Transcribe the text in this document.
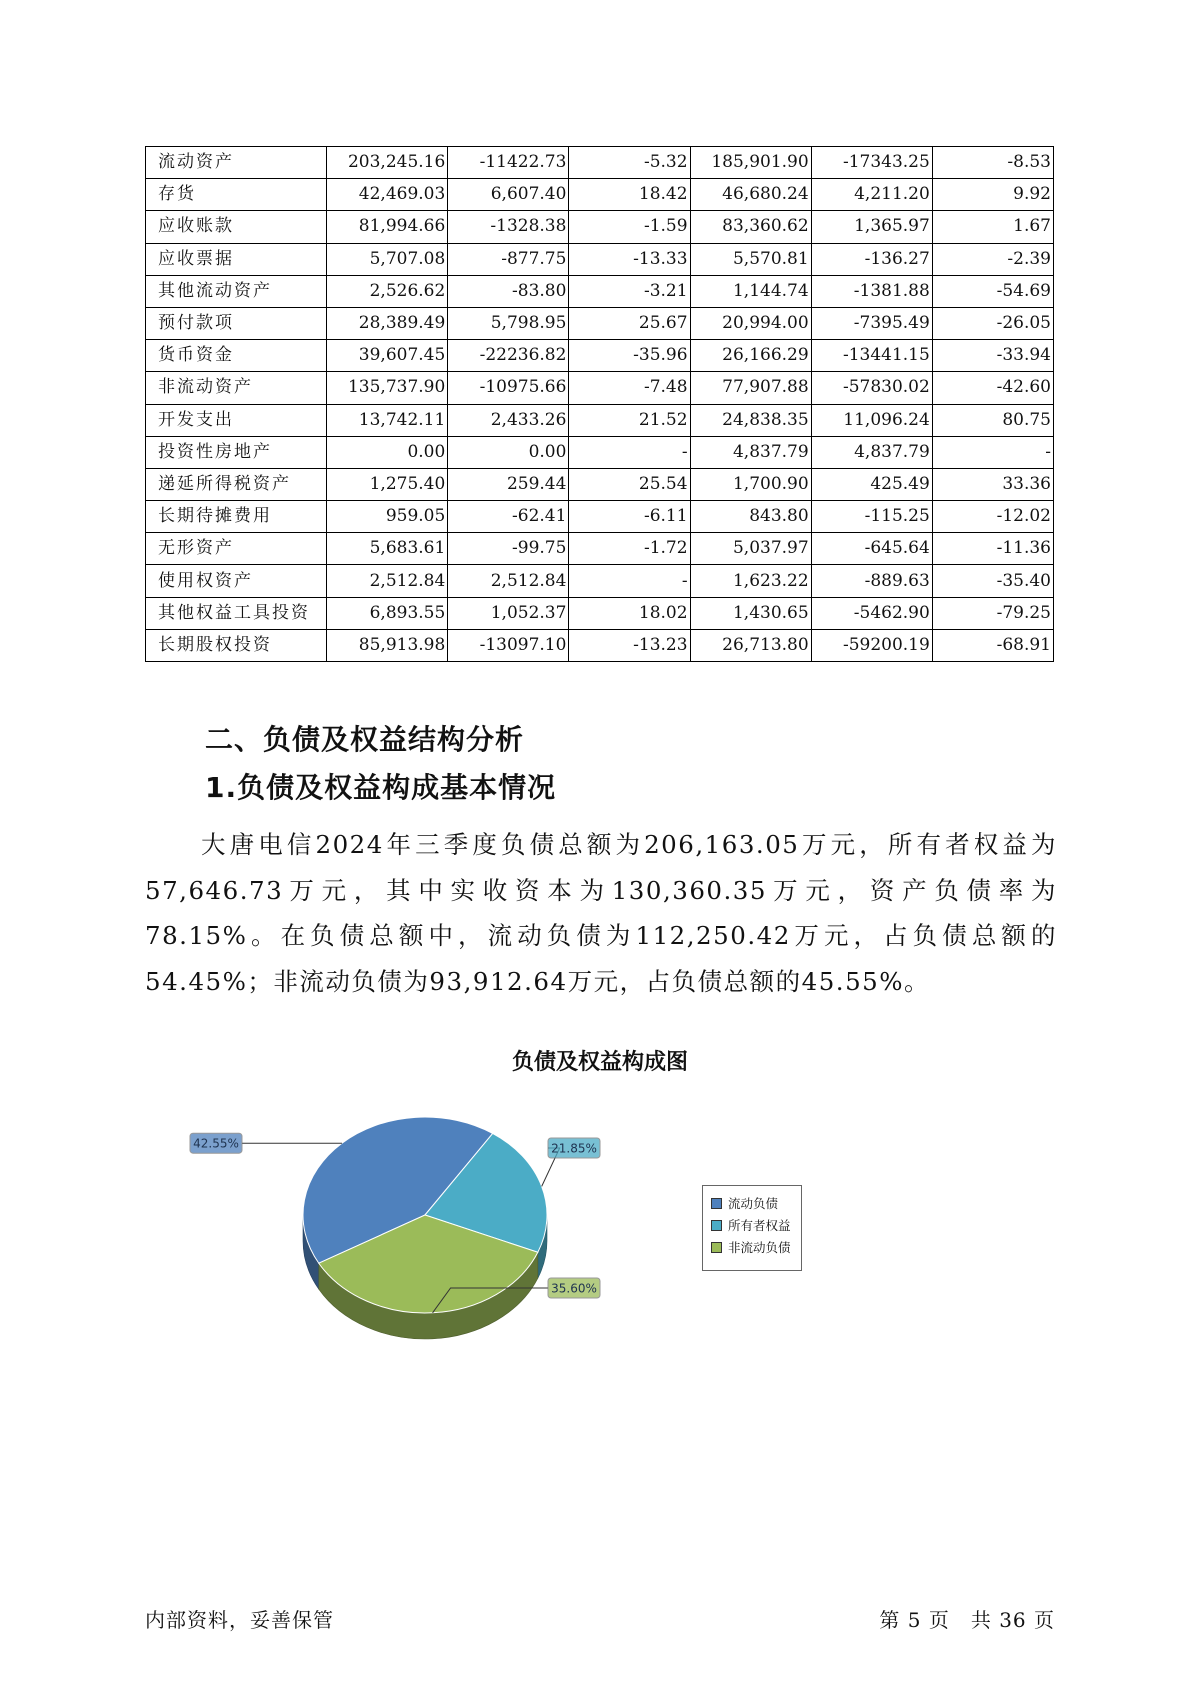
流动资产	203,245.16	-11422.73	-5.32	185,901.90	-17343.25	-8.53
存货	42,469.03	6,607.40	18.42	46,680.24	4,211.20	9.92
应收账款	81,994.66	-1328.38	-1.59	83,360.62	1,365.97	1.67
应收票据	5,707.08	-877.75	-13.33	5,570.81	-136.27	-2.39
其他流动资产	2,526.62	-83.80	-3.21	1,144.74	-1381.88	-54.69
预付款项	28,389.49	5,798.95	25.67	20,994.00	-7395.49	-26.05
货币资金	39,607.45	-22236.82	-35.96	26,166.29	-13441.15	-33.94
非流动资产	135,737.90	-10975.66	-7.48	77,907.88	-57830.02	-42.60
开发支出	13,742.11	2,433.26	21.52	24,838.35	11,096.24	80.75
投资性房地产	0.00	0.00	-	4,837.79	4,837.79	-
递延所得税资产	1,275.40	259.44	25.54	1,700.90	425.49	33.36
长期待摊费用	959.05	-62.41	-6.11	843.80	-115.25	-12.02
无形资产	5,683.61	-99.75	-1.72	5,037.97	-645.64	-11.36
使用权资产	2,512.84	2,512.84	-	1,623.22	-889.63	-35.40
其他权益工具投资	6,893.55	1,052.37	18.02	1,430.65	-5462.90	-79.25
长期股权投资	85,913.98	-13097.10	-13.23	26,713.80	-59200.19	-68.91
二、负债及权益结构分析
1.负债及权益构成基本情况

大唐电信2024年三季度负债总额为206,163.05万元，所有者权益为57,646.73万元，其中实收资本为130,360.35万元，资产负债率为78.15%。在负债总额中，流动负债为112,250.42万元，占负债总额的54.45%；非流动负债为93,912.64万元，占负债总额的45.55%。

负债及权益构成图
42.55%	21.85%
35.60%
流动负债
所有者权益
非流动负债
内部资料，妥善保管	第 5 页　共 36 页
